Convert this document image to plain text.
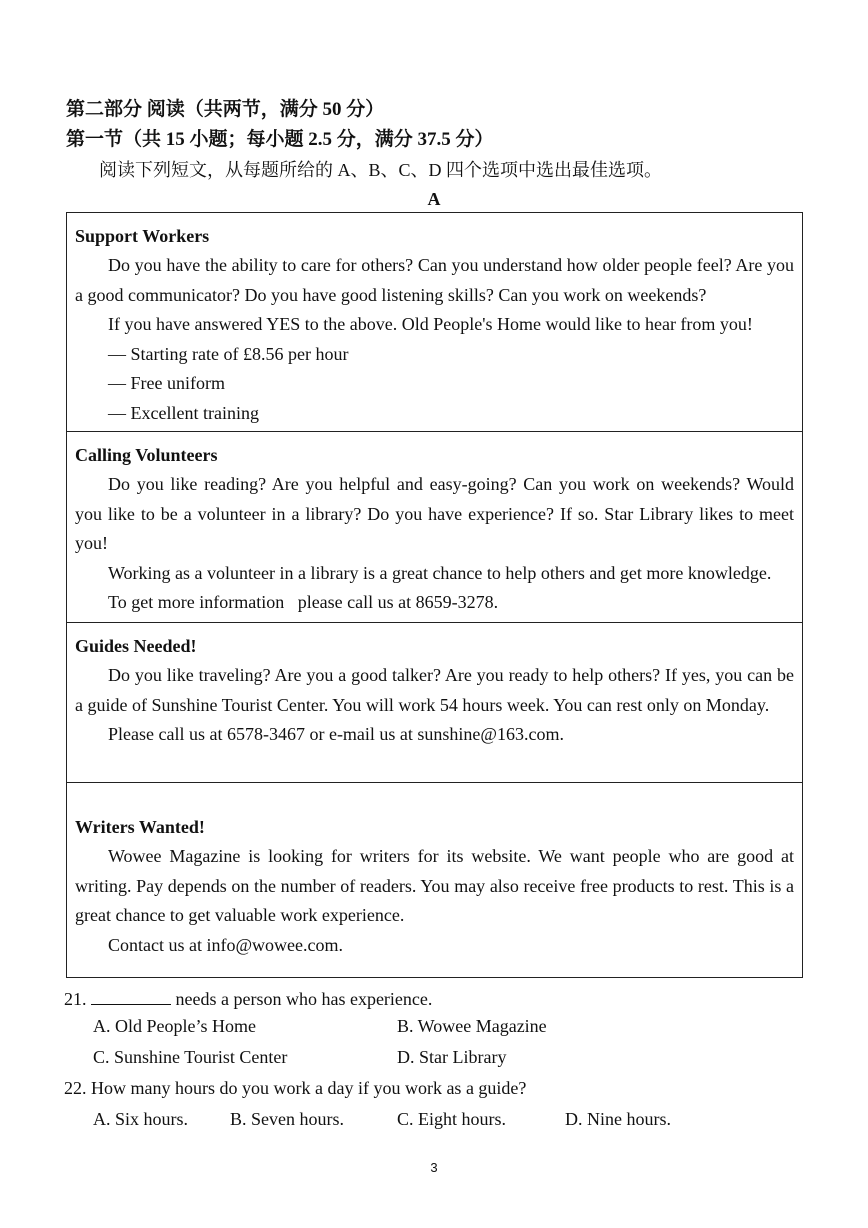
第二部分 阅读（共两节，满分 50 分）
第一节（共 15 小题；每小题 2.5 分，满分 37.5 分）
阅读下列短文，从每题所给的 A、B、C、D 四个选项中选出最佳选项。
A
Support Workers

Do you have the ability to care for others? Can you understand how older people feel? Are you a good communicator? Do you have good listening skills? Can you work on weekends?

If you have answered YES to the above. Old People's Home would like to hear from you!

— Starting rate of £8.56 per hour
— Free uniform
— Excellent training
Calling Volunteers

Do you like reading? Are you helpful and easy-going? Can you work on weekends? Would you like to be a volunteer in a library? Do you have experience? If so. Star Library likes to meet you!

Working as a volunteer in a library is a great chance to help others and get more knowledge.

To get more information   please call us at 8659-3278.

Guides Needed!

Do you like traveling? Are you a good talker? Are you ready to help others? If yes, you can be a guide of Sunshine Tourist Center. You will work 54 hours week. You can rest only on Monday.

Please call us at 6578-3467 or e-mail us at sunshine@163.com.

Writers Wanted!

Wowee Magazine is looking for writers for its website. We want people who are good at writing. Pay depends on the number of readers. You may also receive free products to rest. This is a great chance to get valuable work experience.

Contact us at info@wowee.com.

21.	needs a person who has experience.
A. Old People’s Home	B. Wowee Magazine
C. Sunshine Tourist Center	D. Star Library
22. How many hours do you work a day if you work as a guide?
A. Six hours. B. Seven hours.	C. Eight hours.	D. Nine hours.
3
